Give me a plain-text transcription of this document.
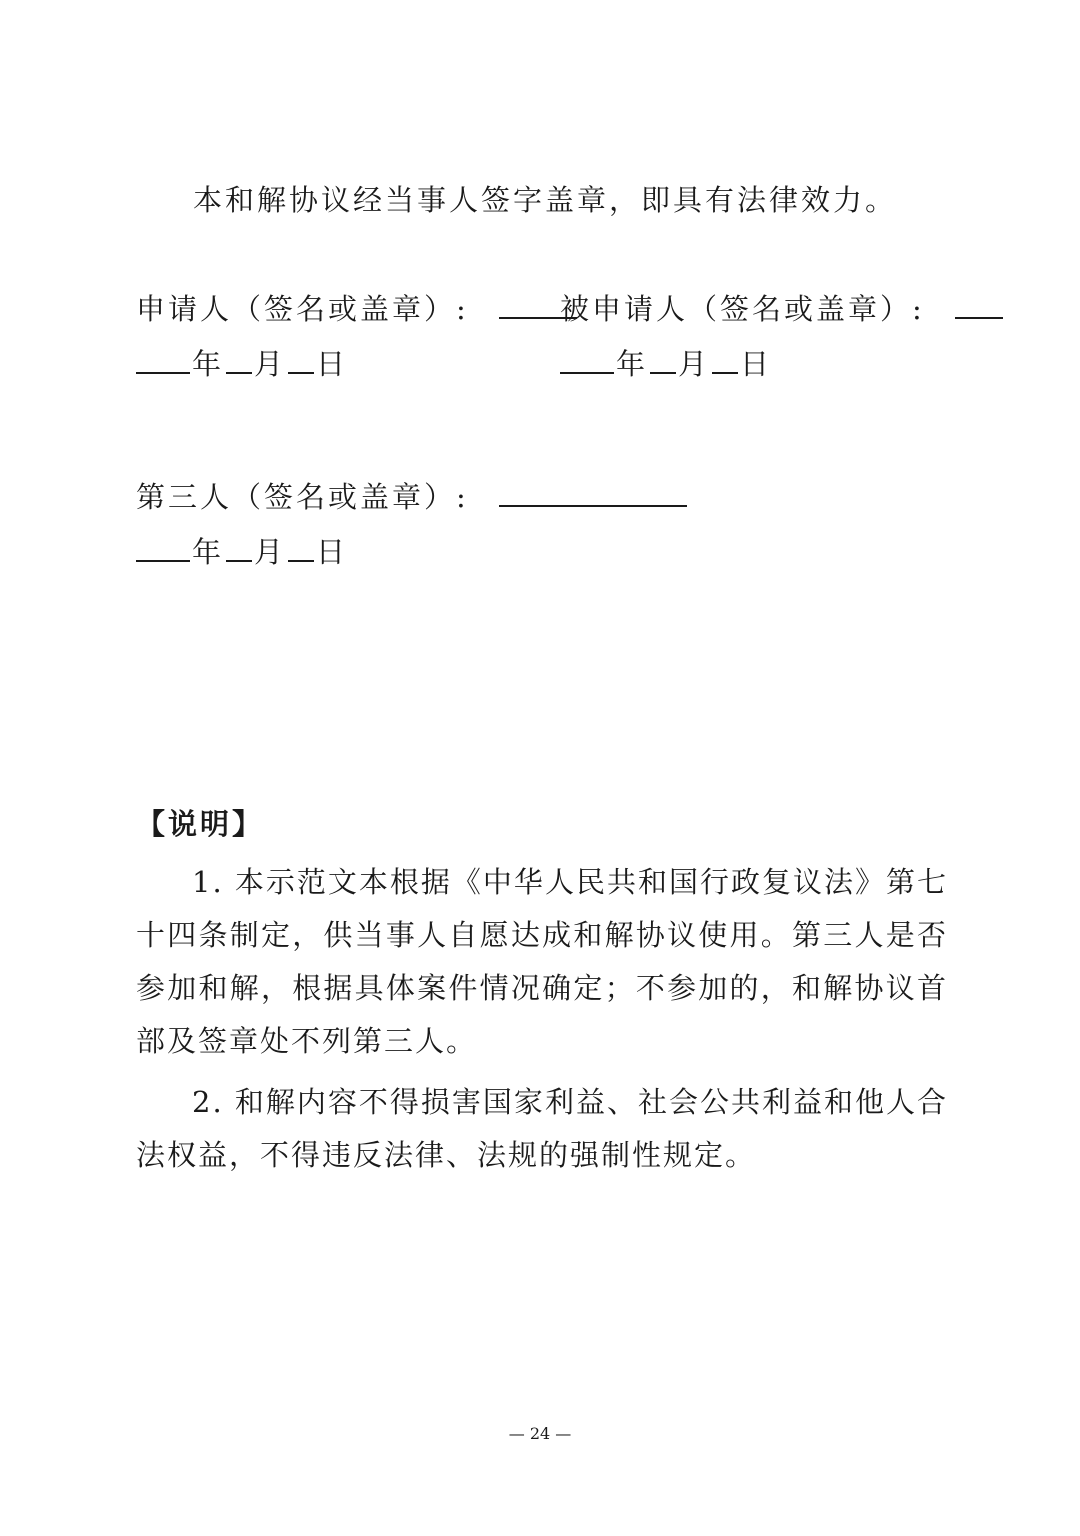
本和解协议经当事人签字盖章，即具有法律效力。
申请人（签名或盖章）:
年 月 日
被申请人（签名或盖章）:
年 月 日
第三人（签名或盖章）:
年 月 日
【说明】
1. 本示范文本根据《中华人民共和国行政复议法》第七十四条制定，供当事人自愿达成和解协议使用。第三人是否参加和解，根据具体案件情况确定；不参加的，和解协议首部及签章处不列第三人。
2. 和解内容不得损害国家利益、社会公共利益和他人合法权益，不得违反法律、法规的强制性规定。
— 24 —
